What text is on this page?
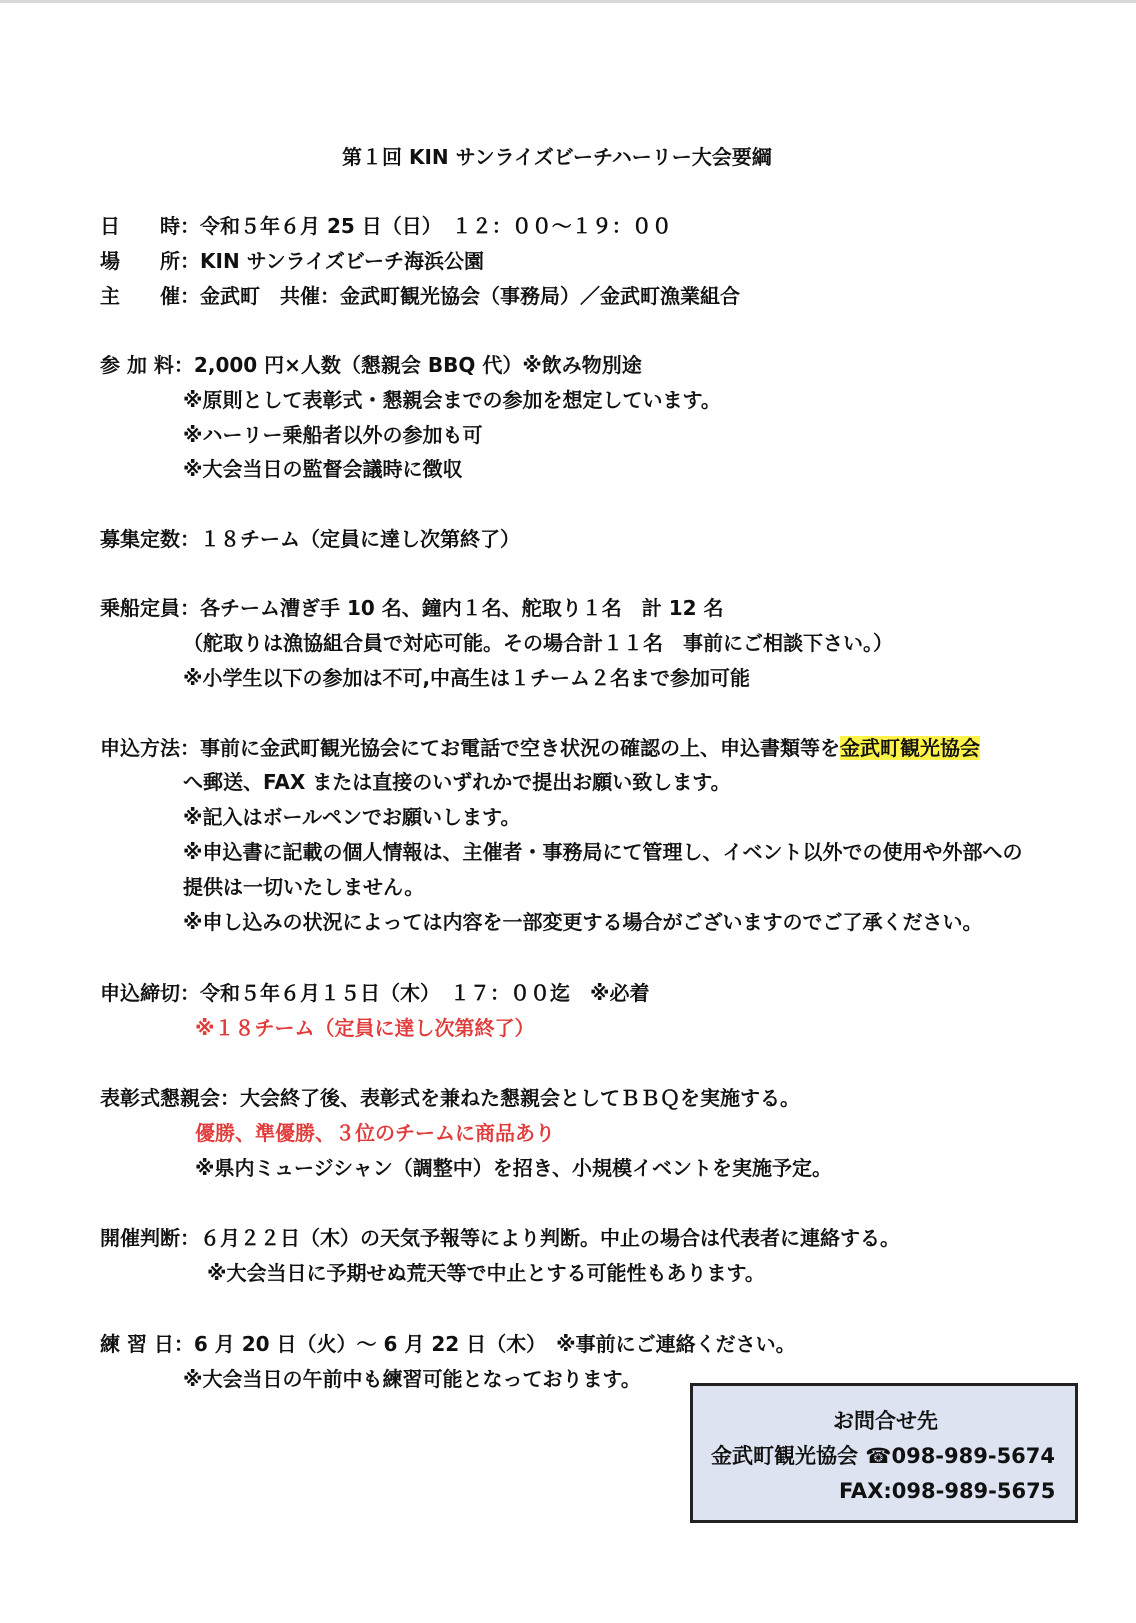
第１回 KIN サンライズビーチハーリー大会要綱
日　　時：令和５年６月 25 日（日）　１２：００〜１９：００
場　　所：KIN サンライズビーチ海浜公園
主　　催：金武町　共催：金武町観光協会（事務局）／金武町漁業組合
参 加 料：2,000 円×人数（懇親会 BBQ 代）※飲み物別途
※原則として表彰式・懇親会までの参加を想定しています。
※ハーリー乗船者以外の参加も可
※大会当日の監督会議時に徴収
募集定数：１８チーム（定員に達し次第終了）
乗船定員：各チーム漕ぎ手 10 名、鐘内１名、舵取り１名　計 12 名
（舵取りは漁協組合員で対応可能。その場合計１１名　事前にご相談下さい。）
※小学生以下の参加は不可,中高生は１チーム２名まで参加可能
申込方法：事前に金武町観光協会にてお電話で空き状況の確認の上、申込書類等を金武町観光協会
へ郵送、FAX または直接のいずれかで提出お願い致します。
※記入はボールペンでお願いします。
※申込書に記載の個人情報は、主催者・事務局にて管理し、イベント以外での使用や外部への
提供は一切いたしません。
※申し込みの状況によっては内容を一部変更する場合がございますのでご了承ください。
申込締切：令和５年６月１５日（木）　１７：００迄　※必着
※１８チーム（定員に達し次第終了）
表彰式懇親会：大会終了後、表彰式を兼ねた懇親会としてＢＢＱを実施する。
優勝、準優勝、３位のチームに商品あり
※県内ミュージシャン（調整中）を招き、小規模イベントを実施予定。
開催判断：６月２２日（木）の天気予報等により判断。中止の場合は代表者に連絡する。
※大会当日に予期せぬ荒天等で中止とする可能性もあります。
練 習 日：6 月 20 日（火）〜 6 月 22 日（木）　※事前にご連絡ください。
※大会当日の午前中も練習可能となっております。
お問合せ先
金武町観光協会 ☎098-989-5674
FAX:098-989-5675
